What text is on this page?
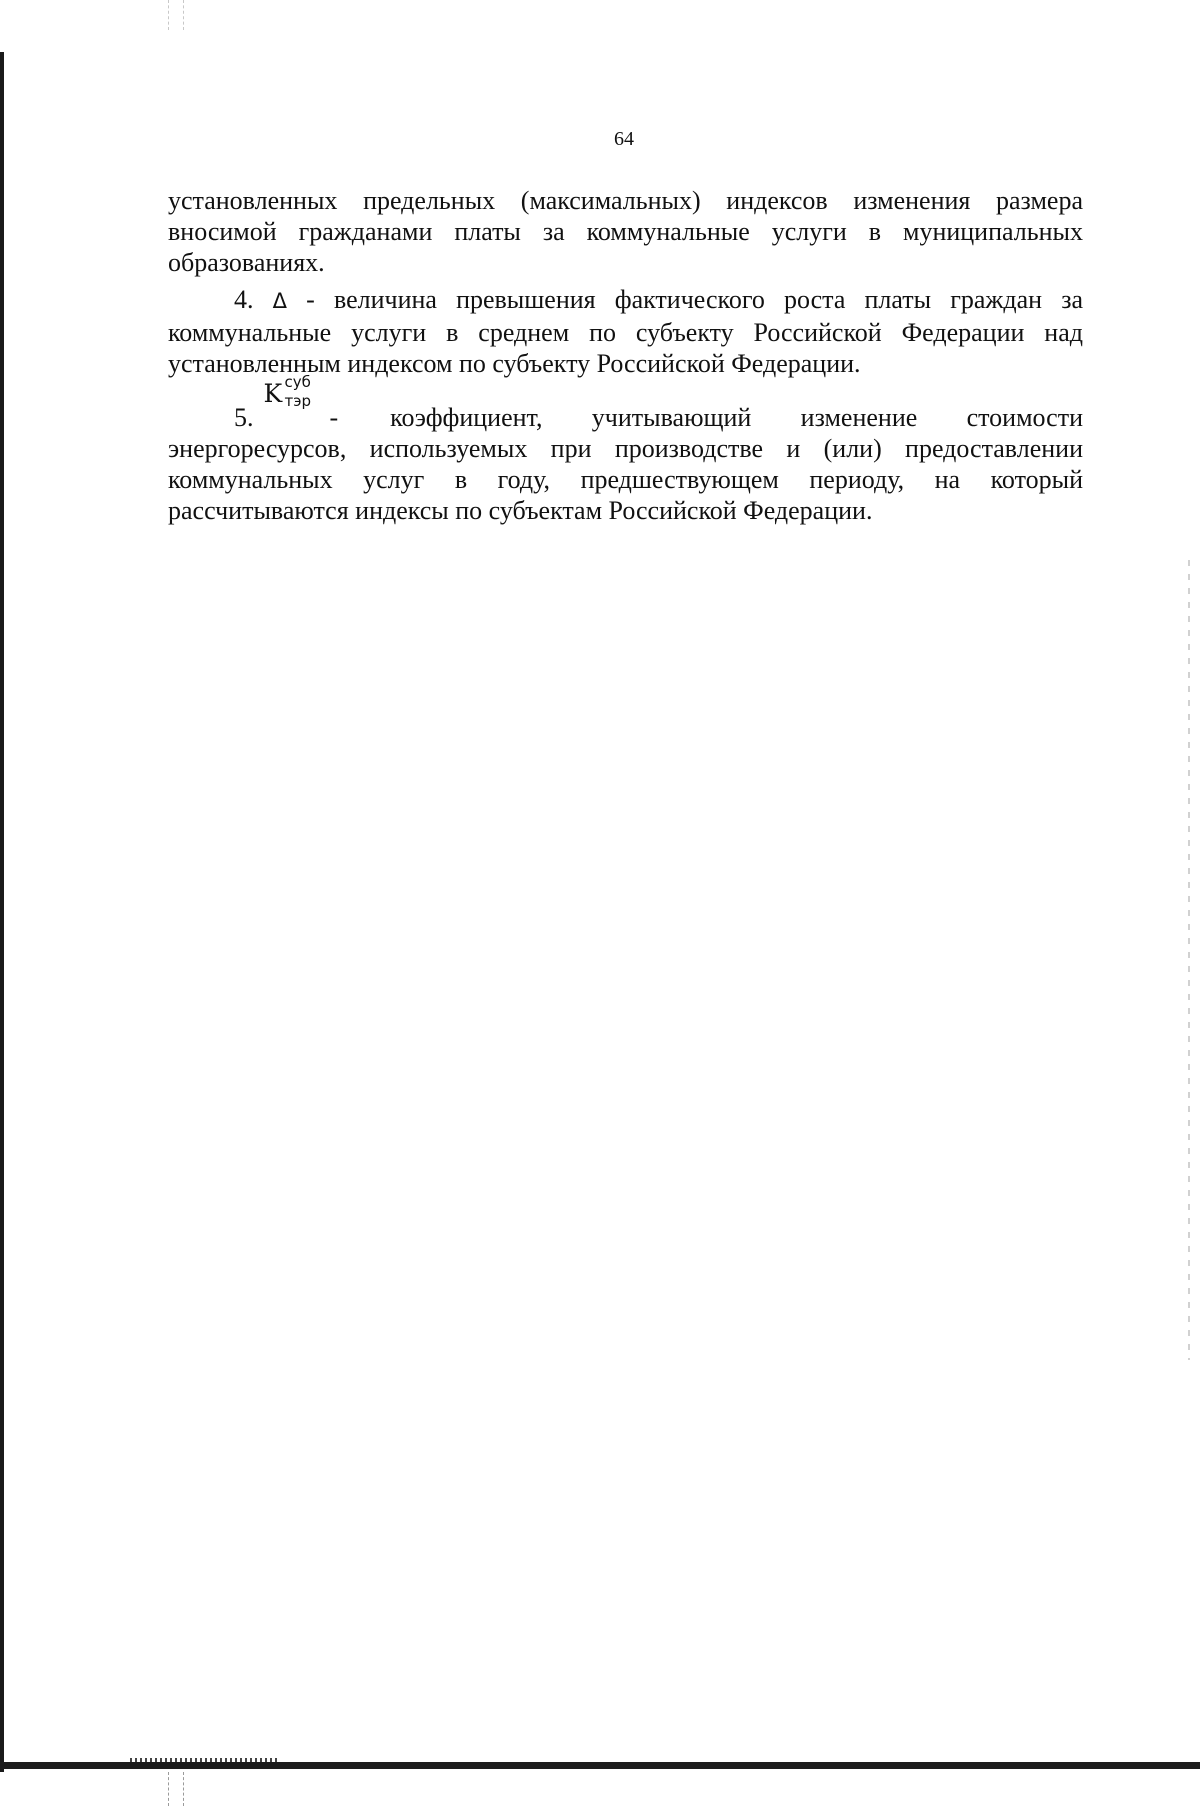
64

установленных предельных (максимальных) индексов изменения размера вносимой гражданами платы за коммунальные услуги в муниципальных образованиях.

4. Δ - величина превышения фактического роста платы граждан за коммунальные услуги в среднем по субъекту Российской Федерации над установленным индексом по субъекту Российской Федерации.

5.
K суб
тэр
- коэффициент, учитывающий изменение стоимости энергоресурсов, используемых при производстве и (или) предоставлении коммунальных услуг в году, предшествующем периоду, на который рассчитываются индексы по субъектам Российской Федерации.
